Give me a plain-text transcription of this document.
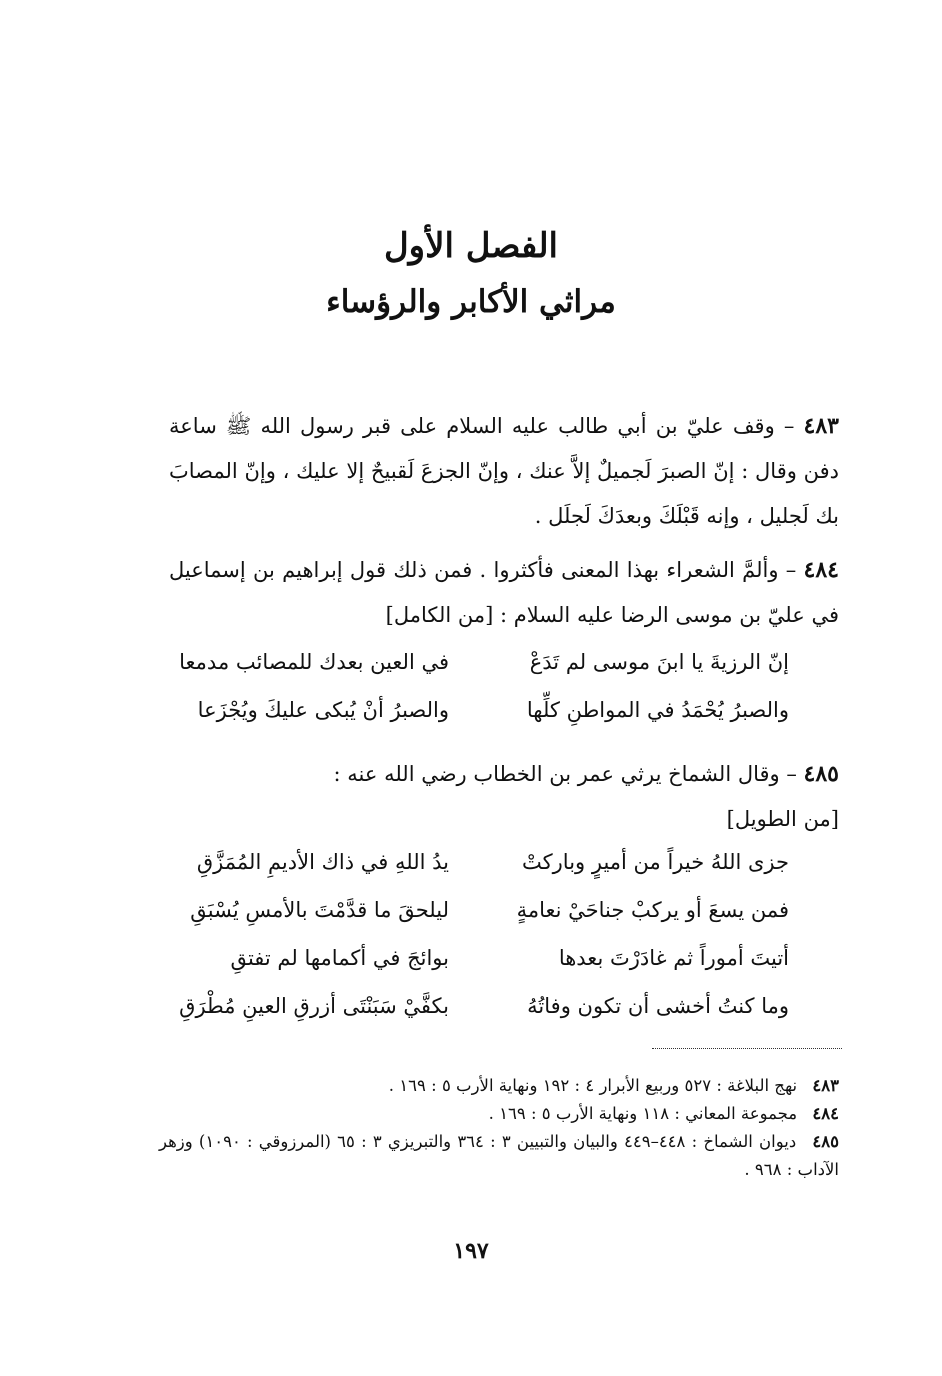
الفصل الأول
مراثي الأكابر والرؤساء

٤٨٣ – وقف عليّ بن أبي طالب عليه السلام على قبر رسول الله ﷺ ساعة دفن وقال : إنّ الصبرَ لَجميلٌ إلاَّ عنك ، وإنّ الجزعَ لَقبيحٌ إلا عليك ، وإنّ المصابَ بك لَجليل ، وإنه قَبْلَكَ وبعدَكَ لَجلَل .

٤٨٤ – وألمَّ الشعراء بهذا المعنى فأكثروا . فمن ذلك قول إبراهيم بن إسماعيل في عليّ بن موسى الرضا عليه السلام : [من الكامل]

إنّ الرزيةَ يا ابنَ موسى لم تَدَعْ
في العين بعدك للمصائب مدمعا
والصبرُ يُحْمَدُ في المواطنِ كلِّها
والصبرُ أنْ يُبكى عليكَ ويُجْزَعا

٤٨٥ – وقال الشماخ يرثي عمر بن الخطاب رضي الله عنه :
[من الطويل]

جزى اللهُ خيراً من أميرٍ وباركتْ
يدُ اللهِ في ذاك الأديمِ المُمَزَّقِ
فمن يسعَ أو يركبْ جناحَيْ نعامةٍ
ليلحقَ ما قدَّمْتَ بالأمسِ يُسْبَقِ
أتيتَ أموراً ثم غادَرْتَ بعدها
بوائجَ في أكمامها لم تفتقِ
وما كنتُ أخشى أن تكون وفاتُهُ
بكفَّيْ سَبَنْتَى أزرقِ العينِ مُطْرَقِ

٤٨٣ نهج البلاغة : ٥٢٧ وربيع الأبرار ٤ : ١٩٢ ونهاية الأرب ٥ : ١٦٩ .

٤٨٤ مجموعة المعاني : ١١٨ ونهاية الأرب ٥ : ١٦٩ .

٤٨٥ ديوان الشماخ : ٤٤٨–٤٤٩ والبيان والتبيين ٣ : ٣٦٤ والتبريزي ٣ : ٦٥ (المرزوقي : ١٠٩٠) وزهر الآداب : ٩٦٨ .

١٩٧
